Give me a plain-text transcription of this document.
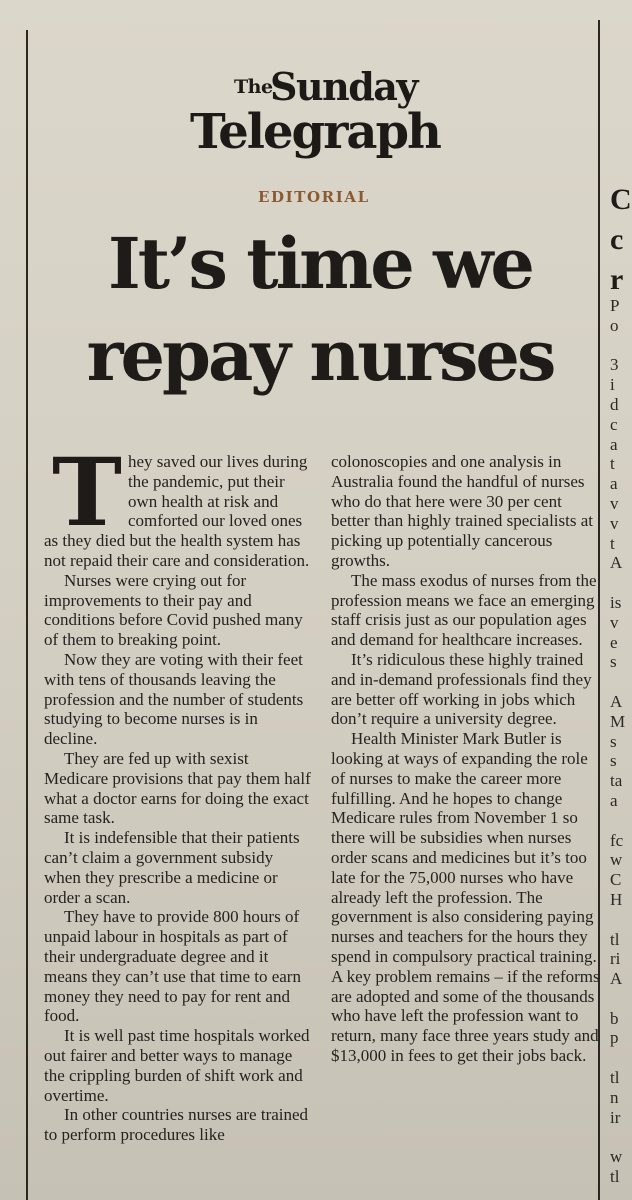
The
Sunday
Telegraph
EDITORIAL
It’s time we repay nurses
T hey saved our lives during the pandemic, put their own health at risk and comforted our loved ones as they died but the health system has not repaid their care and consideration.

Nurses were crying out for improvements to their pay and conditions before Covid pushed many of them to breaking point.

Now they are voting with their feet with tens of thousands leaving the profession and the number of students studying to become nurses is in decline.

They are fed up with sexist Medicare provisions that pay them half what a doctor earns for doing the exact same task.

It is indefensible that their patients can’t claim a government subsidy when they prescribe a medicine or order a scan.

They have to provide 800 hours of unpaid labour in hospitals as part of their undergraduate degree and it means they can’t use that time to earn money they need to pay for rent and food.

It is well past time hospitals worked out fairer and better ways to manage the crippling burden of shift work and overtime.

In other countries nurses are trained to perform procedures like

colonoscopies and one analysis in Australia found the handful of nurses who do that here were 30 per cent better than highly trained specialists at picking up potentially cancerous growths.

The mass exodus of nurses from the profession means we face an emerging staff crisis just as our population ages and demand for healthcare increases.

It’s ridiculous these highly trained and in-demand professionals find they are better off working in jobs which don’t require a university degree.

Health Minister Mark Butler is looking at ways of expanding the role of nurses to make the career more fulfilling. And he hopes to change Medicare rules from November 1 so there will be subsidies when nurses order scans and medicines but it’s too late for the 75,000 nurses who have already left the profession. The government is also considering paying nurses and teachers for the hours they spend in compulsory practical training. A key problem remains – if the reforms are adopted and some of the thousands who have left the profession want to return, many face three years study and $13,000 in fees to get their jobs back.

C
c
r
P
o
3
i
d
c
a
t
a
v
v
t
A
is
v
e
s
A
M
s
s
ta
a
fc
w
C
H
tl
ri
A
b
p
tl
n
ir
w
tl
